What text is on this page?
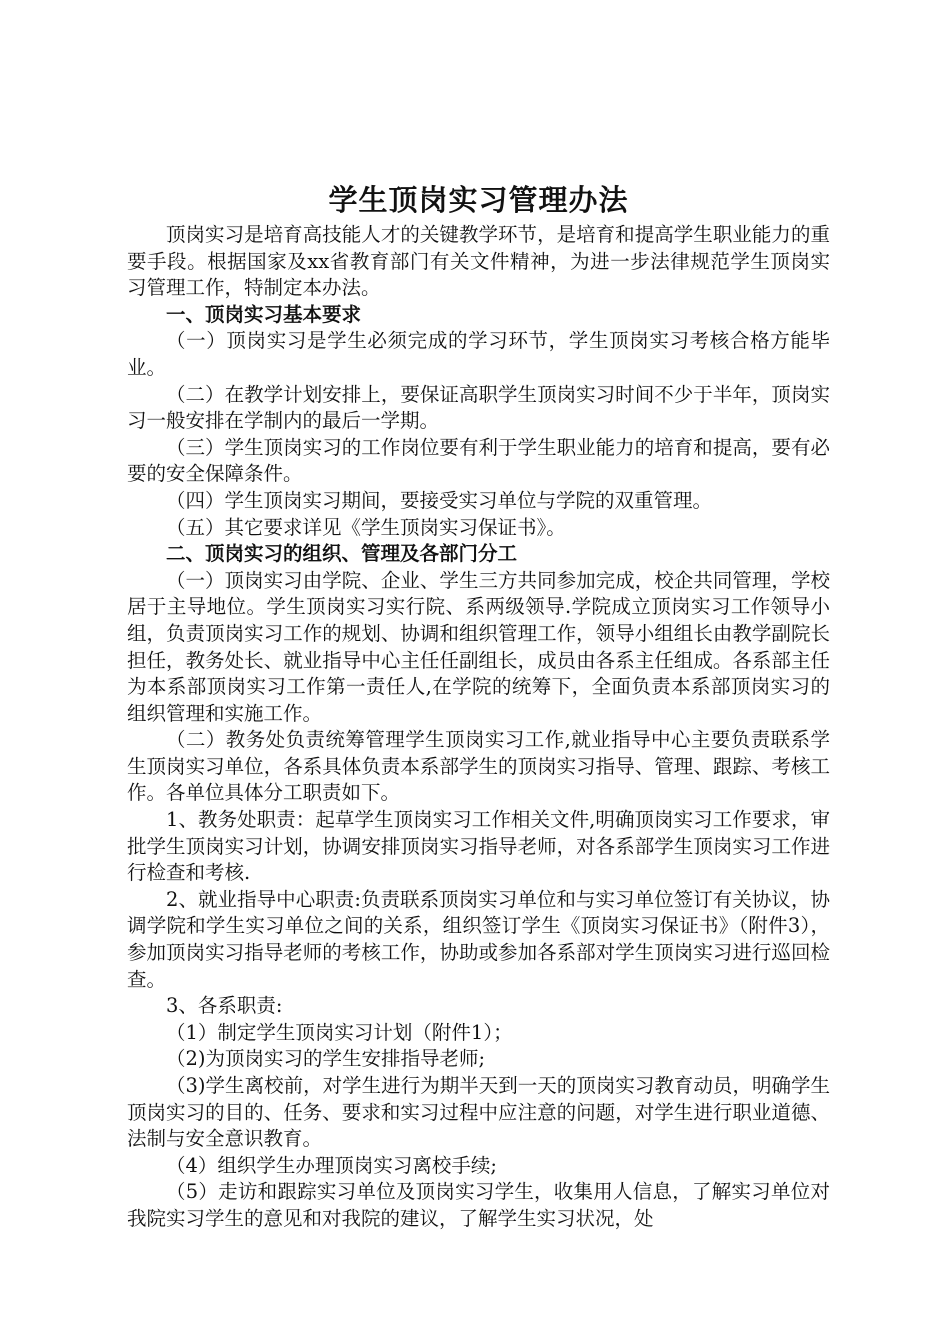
学生顶岗实习管理办法

顶岗实习是培育高技能人才的关键教学环节，是培育和提高学生职业能力的重要手段。根据国家及xx省教育部门有关文件精神，为进一步法律规范学生顶岗实习管理工作，特制定本办法。

一、顶岗实习基本要求

（一）顶岗实习是学生必须完成的学习环节，学生顶岗实习考核合格方能毕业。

（二）在教学计划安排上，要保证高职学生顶岗实习时间不少于半年，顶岗实习一般安排在学制内的最后一学期。

（三）学生顶岗实习的工作岗位要有利于学生职业能力的培育和提高，要有必要的安全保障条件。

（四）学生顶岗实习期间，要接受实习单位与学院的双重管理。

（五）其它要求详见《学生顶岗实习保证书》。

二、顶岗实习的组织、管理及各部门分工

（一）顶岗实习由学院、企业、学生三方共同参加完成，校企共同管理，学校居于主导地位。学生顶岗实习实行院、系两级领导.学院成立顶岗实习工作领导小组，负责顶岗实习工作的规划、协调和组织管理工作，领导小组组长由教学副院长担任，教务处长、就业指导中心主任任副组长，成员由各系主任组成。各系部主任为本系部顶岗实习工作第一责任人,在学院的统筹下，全面负责本系部顶岗实习的组织管理和实施工作。

（二）教务处负责统筹管理学生顶岗实习工作,就业指导中心主要负责联系学生顶岗实习单位，各系具体负责本系部学生的顶岗实习指导、管理、跟踪、考核工作。各单位具体分工职责如下。

1、教务处职责：起草学生顶岗实习工作相关文件,明确顶岗实习工作要求，审批学生顶岗实习计划，协调安排顶岗实习指导老师，对各系部学生顶岗实习工作进行检查和考核.

2、就业指导中心职责:负责联系顶岗实习单位和与实习单位签订有关协议，协调学院和学生实习单位之间的关系，组织签订学生《顶岗实习保证书》（附件3），参加顶岗实习指导老师的考核工作，协助或参加各系部对学生顶岗实习进行巡回检查。

3、各系职责:

（1）制定学生顶岗实习计划（附件1）；

（2)为顶岗实习的学生安排指导老师;

（3)学生离校前，对学生进行为期半天到一天的顶岗实习教育动员，明确学生顶岗实习的目的、任务、要求和实习过程中应注意的问题，对学生进行职业道德、法制与安全意识教育。

（4）组织学生办理顶岗实习离校手续;

（5）走访和跟踪实习单位及顶岗实习学生，收集用人信息，了解实习单位对我院实习学生的意见和对我院的建议，了解学生实习状况，处
